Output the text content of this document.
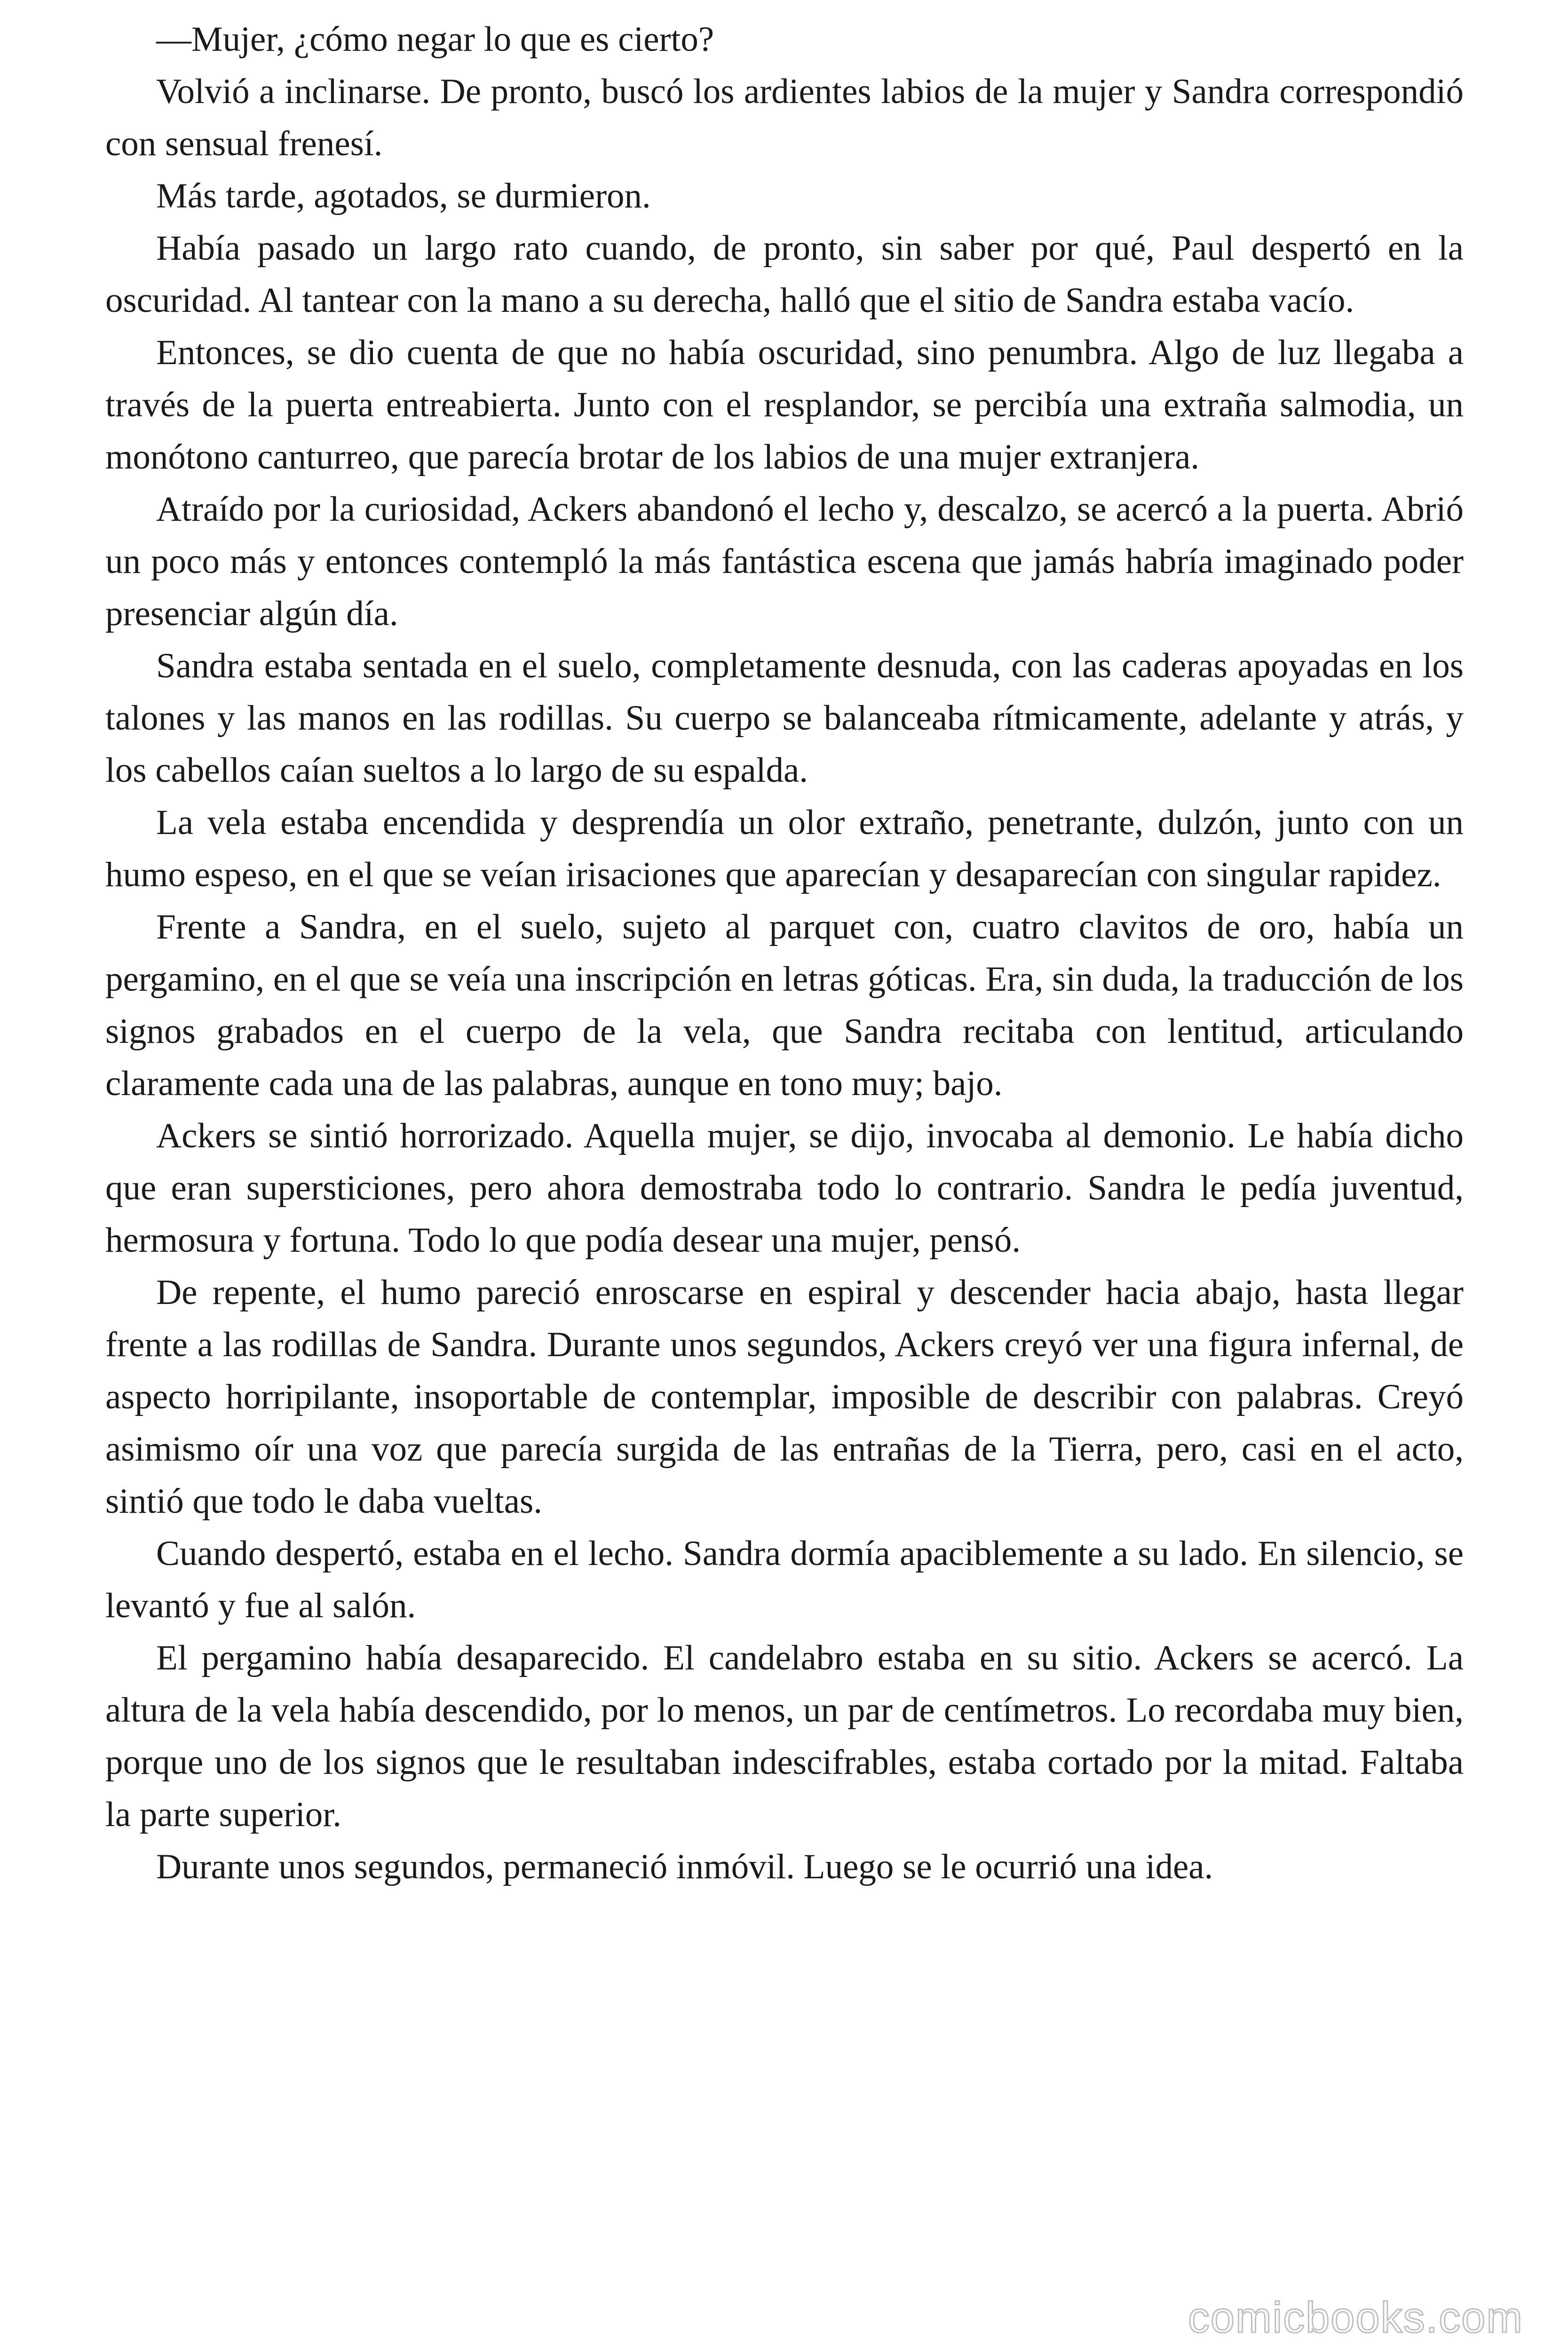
—Mujer, ¿cómo negar lo que es cierto?

Volvió a inclinarse. De pronto, buscó los ardientes labios de la mujer y Sandra correspondió con sensual frenesí.

Más tarde, agotados, se durmieron.

Había pasado un largo rato cuando, de pronto, sin saber por qué, Paul despertó en la oscuridad. Al tantear con la mano a su derecha, halló que el sitio de Sandra estaba vacío.

Entonces, se dio cuenta de que no había oscuridad, sino penumbra. Algo de luz llegaba a través de la puerta entreabierta. Junto con el resplandor, se percibía una extraña salmodia, un monótono canturreo, que parecía brotar de los labios de una mujer extranjera.

Atraído por la curiosidad, Ackers abandonó el lecho y, descalzo, se acercó a la puerta. Abrió un poco más y entonces contempló la más fantástica escena que jamás habría imaginado poder presenciar algún día.

Sandra estaba sentada en el suelo, completamente desnuda, con las caderas apoyadas en los talones y las manos en las rodillas. Su cuerpo se balanceaba rítmicamente, adelante y atrás, y los cabellos caían sueltos a lo largo de su espalda.

La vela estaba encendida y desprendía un olor extraño, penetrante, dulzón, junto con un humo espeso, en el que se veían irisaciones que aparecían y desaparecían con singular rapidez.

Frente a Sandra, en el suelo, sujeto al parquet con, cuatro clavitos de oro, había un pergamino, en el que se veía una inscripción en letras góticas. Era, sin duda, la traducción de los signos grabados en el cuerpo de la vela, que Sandra recitaba con lentitud, articulando claramente cada una de las palabras, aunque en tono muy; bajo.

Ackers se sintió horrorizado. Aquella mujer, se dijo, invocaba al demonio. Le había dicho que eran supersticiones, pero ahora demostraba todo lo contrario. Sandra le pedía juventud, hermosura y fortuna. Todo lo que podía desear una mujer, pensó.

De repente, el humo pareció enroscarse en espiral y descender hacia abajo, hasta llegar frente a las rodillas de Sandra. Durante unos segundos, Ackers creyó ver una figura infernal, de aspecto horripilante, insoportable de contemplar, imposible de describir con palabras. Creyó asimismo oír una voz que parecía surgida de las entrañas de la Tierra, pero, casi en el acto, sintió que todo le daba vueltas.

Cuando despertó, estaba en el lecho. Sandra dormía apaciblemente a su lado. En silencio, se levantó y fue al salón.

El pergamino había desaparecido. El candelabro estaba en su sitio. Ackers se acercó. La altura de la vela había descendido, por lo menos, un par de centímetros. Lo recordaba muy bien, porque uno de los signos que le resultaban indescifrables, estaba cortado por la mitad. Faltaba la parte superior.

Durante unos segundos, permaneció inmóvil. Luego se le ocurrió una idea.

comicbooks.com
